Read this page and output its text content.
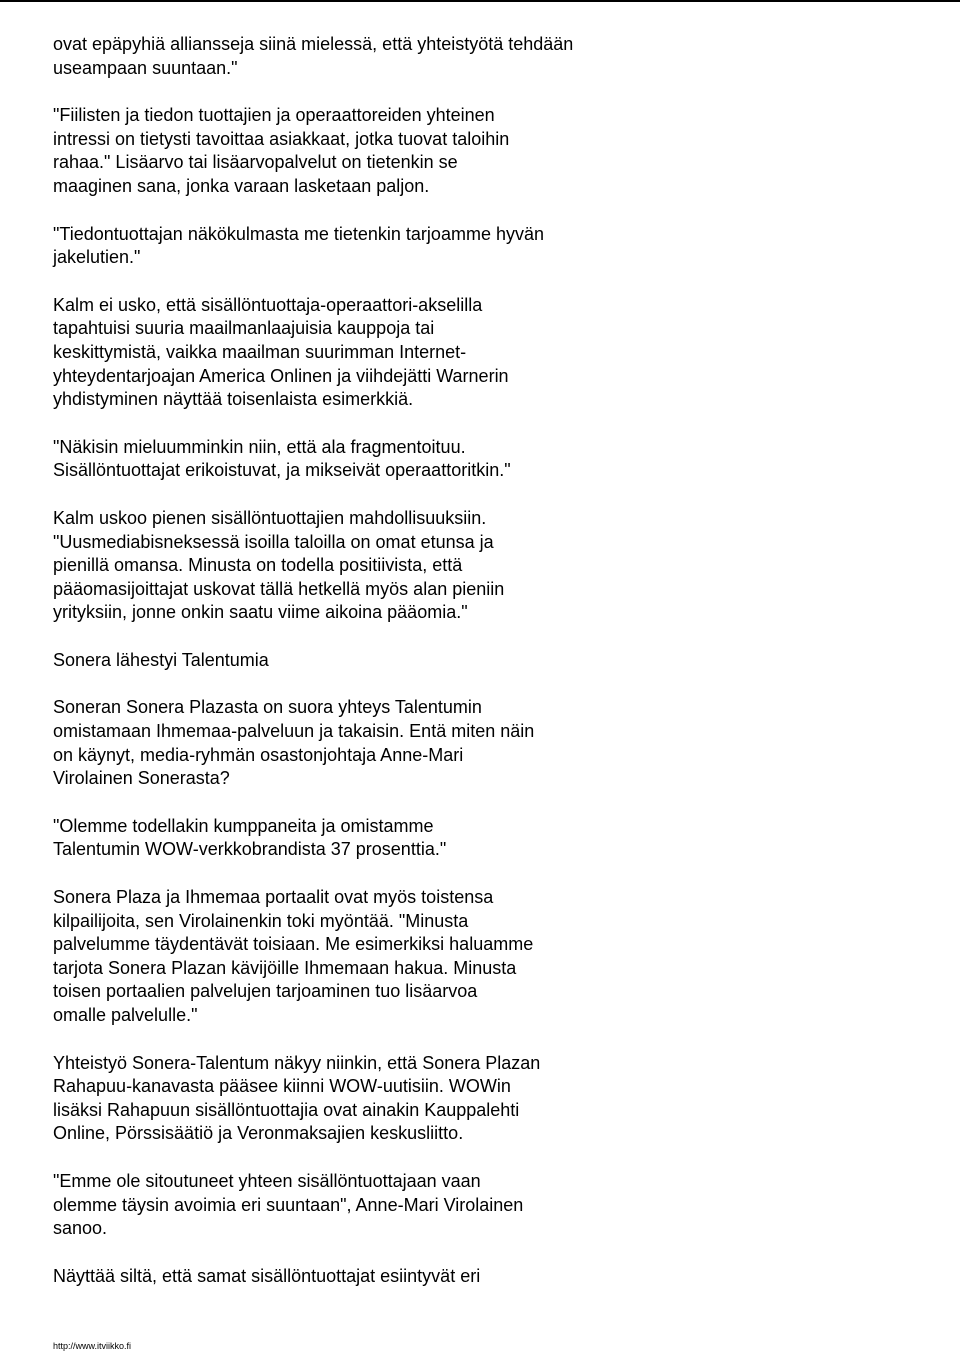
ovat epäpyhiä alliansseja siinä mielessä, että yhteistyötä tehdään
useampaan suuntaan."

"Fiilisten ja tiedon tuottajien ja operaattoreiden yhteinen
intressi on tietysti tavoittaa asiakkaat, jotka tuovat taloihin
rahaa." Lisäarvo tai lisäarvopalvelut on tietenkin se
maaginen sana, jonka varaan lasketaan paljon.

"Tiedontuottajan näkökulmasta me tietenkin tarjoamme hyvän
jakelutien."

Kalm ei usko, että sisällöntuottaja-operaattori-akselilla
tapahtuisi suuria maailmanlaajuisia kauppoja tai
keskittymistä, vaikka maailman suurimman Internet-
yhteydentarjoajan America Onlinen ja viihdejätti Warnerin
yhdistyminen näyttää toisenlaista esimerkkiä.

"Näkisin mieluumminkin niin, että ala fragmentoituu.
Sisällöntuottajat erikoistuvat, ja mikseivät operaattoritkin."

Kalm uskoo pienen sisällöntuottajien mahdollisuuksiin.
"Uusmediabisneksessä isoilla taloilla on omat etunsa ja
pienillä omansa. Minusta on todella positiivista, että
pääomasijoittajat uskovat tällä hetkellä myös alan pieniin
yrityksiin, jonne onkin saatu viime aikoina pääomia."

Sonera lähestyi Talentumia

Soneran Sonera Plazasta on suora yhteys Talentumin
omistamaan Ihmemaa-palveluun ja takaisin. Entä miten näin
on käynyt, media-ryhmän osastonjohtaja Anne-Mari
Virolainen Sonerasta?

"Olemme todellakin kumppaneita ja omistamme
Talentumin WOW-verkkobrandista 37 prosenttia."

Sonera Plaza ja Ihmemaa portaalit ovat myös toistensa
kilpailijoita, sen Virolainenkin toki myöntää. "Minusta
palvelumme täydentävät toisiaan. Me esimerkiksi haluamme
tarjota Sonera Plazan kävijöille Ihmemaan hakua. Minusta
toisen portaalien palvelujen tarjoaminen tuo lisäarvoa
omalle palvelulle."

Yhteistyö Sonera-Talentum näkyy niinkin, että Sonera Plazan
Rahapuu-kanavasta pääsee kiinni WOW-uutisiin. WOWin
lisäksi Rahapuun sisällöntuottajia ovat ainakin Kauppalehti
Online, Pörssisäätiö ja Veronmaksajien keskusliitto.

"Emme ole sitoutuneet yhteen sisällöntuottajaan vaan
olemme täysin avoimia eri suuntaan", Anne-Mari Virolainen
sanoo.

Näyttää siltä, että samat sisällöntuottajat esiintyvät eri

http://www.itviikko.fi
